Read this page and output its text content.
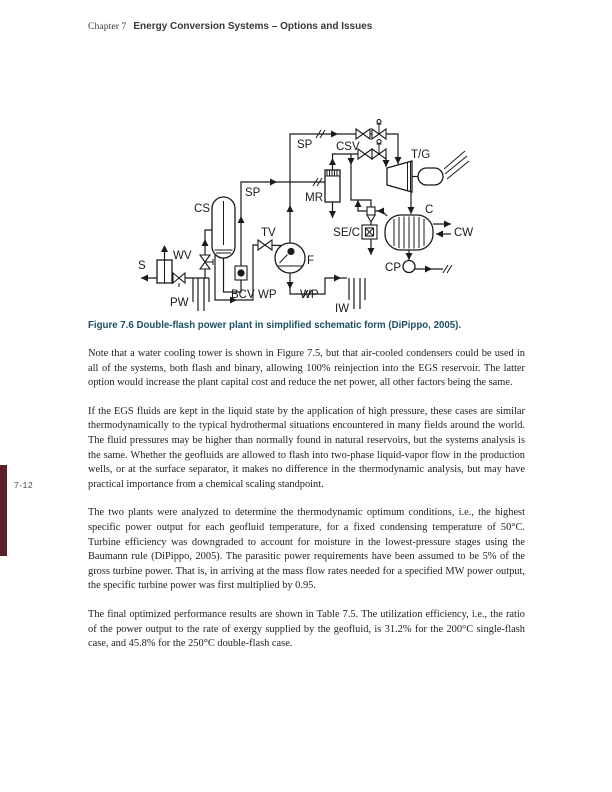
Chapter 7 Energy Conversion Systems – Options and Issues
SP CSV
T/G
SP	MR
CS
TV	SE/C
C
CW
S
WV	F
CP
BCV WP WP
IW
PW
Figure 7.6 Double-flash power plant in simplified schematic form (DiPippo, 2005).

Note that a water cooling tower is shown in Figure 7.5, but that air-cooled condensers could be used in all of the systems, both flash and binary, allowing 100% reinjection into the EGS reservoir. The latter option would increase the plant capital cost and reduce the net power, all other factors being the same.

If the EGS fluids are kept in the liquid state by the application of high pressure, these cases are similar thermodynamically to the typical hydrothermal situations encountered in many fields around the world. The fluid pressures may be higher than normally found in natural reservoirs, but the systems analysis is the same. Whether the geofluids are allowed to flash into two-phase liquid-vapor flow in the production wells, or at the surface separator, it makes no difference in the thermodynamic analysis, but may have practical importance from a chemical scaling standpoint.

The two plants were analyzed to determine the thermodynamic optimum conditions, i.e., the highest specific power output for each geofluid temperature, for a fixed condensing temperature of 50°C. Turbine efficiency was downgraded to account for moisture in the lowest-pressure stages using the Baumann rule (DiPippo, 2005). The parasitic power requirements have been assumed to be 5% of the gross turbine power. That is, in arriving at the mass flow rates needed for a specified MW power output, the specific turbine power was first multiplied by 0.95.

The final optimized performance results are shown in Table 7.5. The utilization efficiency, i.e., the ratio of the power output to the rate of exergy supplied by the geofluid, is 31.2% for the 200°C single-flash case, and 45.8% for the 250°C double-flash case.

7-12
